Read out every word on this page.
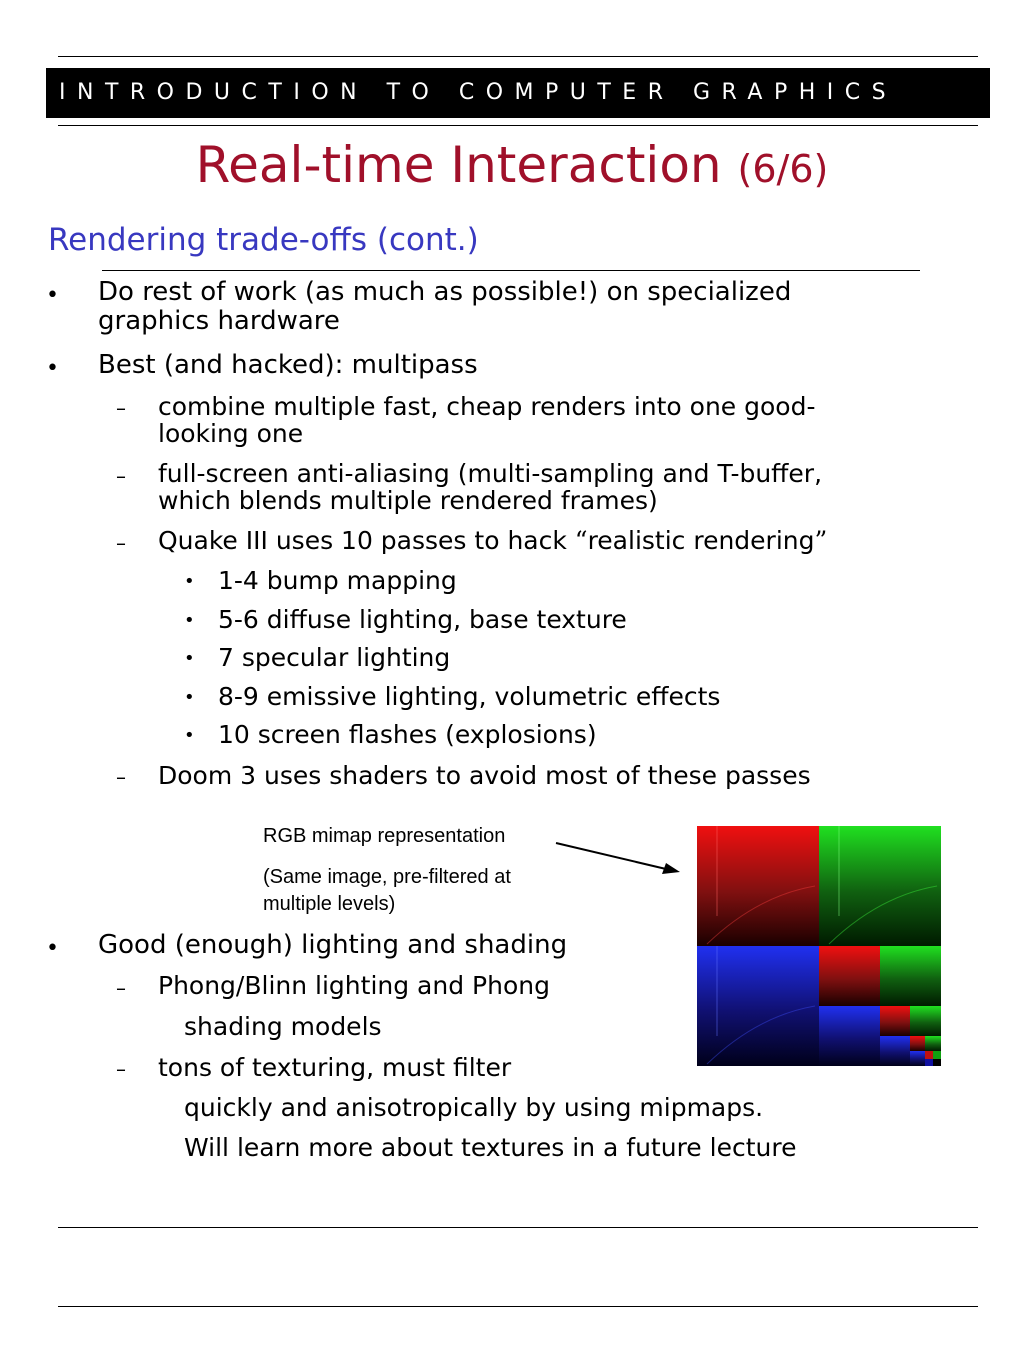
INTRODUCTION TO COMPUTER GRAPHICS
Real-time Interaction (6/6)
Rendering trade-offs (cont.)
• Do rest of work (as much as possible!) on specialized
graphics hardware
• Best (and hacked): multipass
– combine multiple fast, cheap renders into one good-
looking one
– full-screen anti-aliasing (multi-sampling and T-buffer,
which blends multiple rendered frames)
– Quake III uses 10 passes to hack “realistic rendering”
• 1-4 bump mapping
• 5-6 diffuse lighting, base texture
• 7 specular lighting
• 8-9 emissive lighting, volumetric effects
• 10 screen flashes (explosions)
– Doom 3 uses shaders to avoid most of these passes
RGB mimap representation
(Same image, pre-filtered at
multiple levels)
• Good (enough) lighting and shading
– Phong/Blinn lighting and Phong
shading models
– tons of texturing, must filter
quickly and anisotropically by using mipmaps.
Will learn more about textures in a future lecture
